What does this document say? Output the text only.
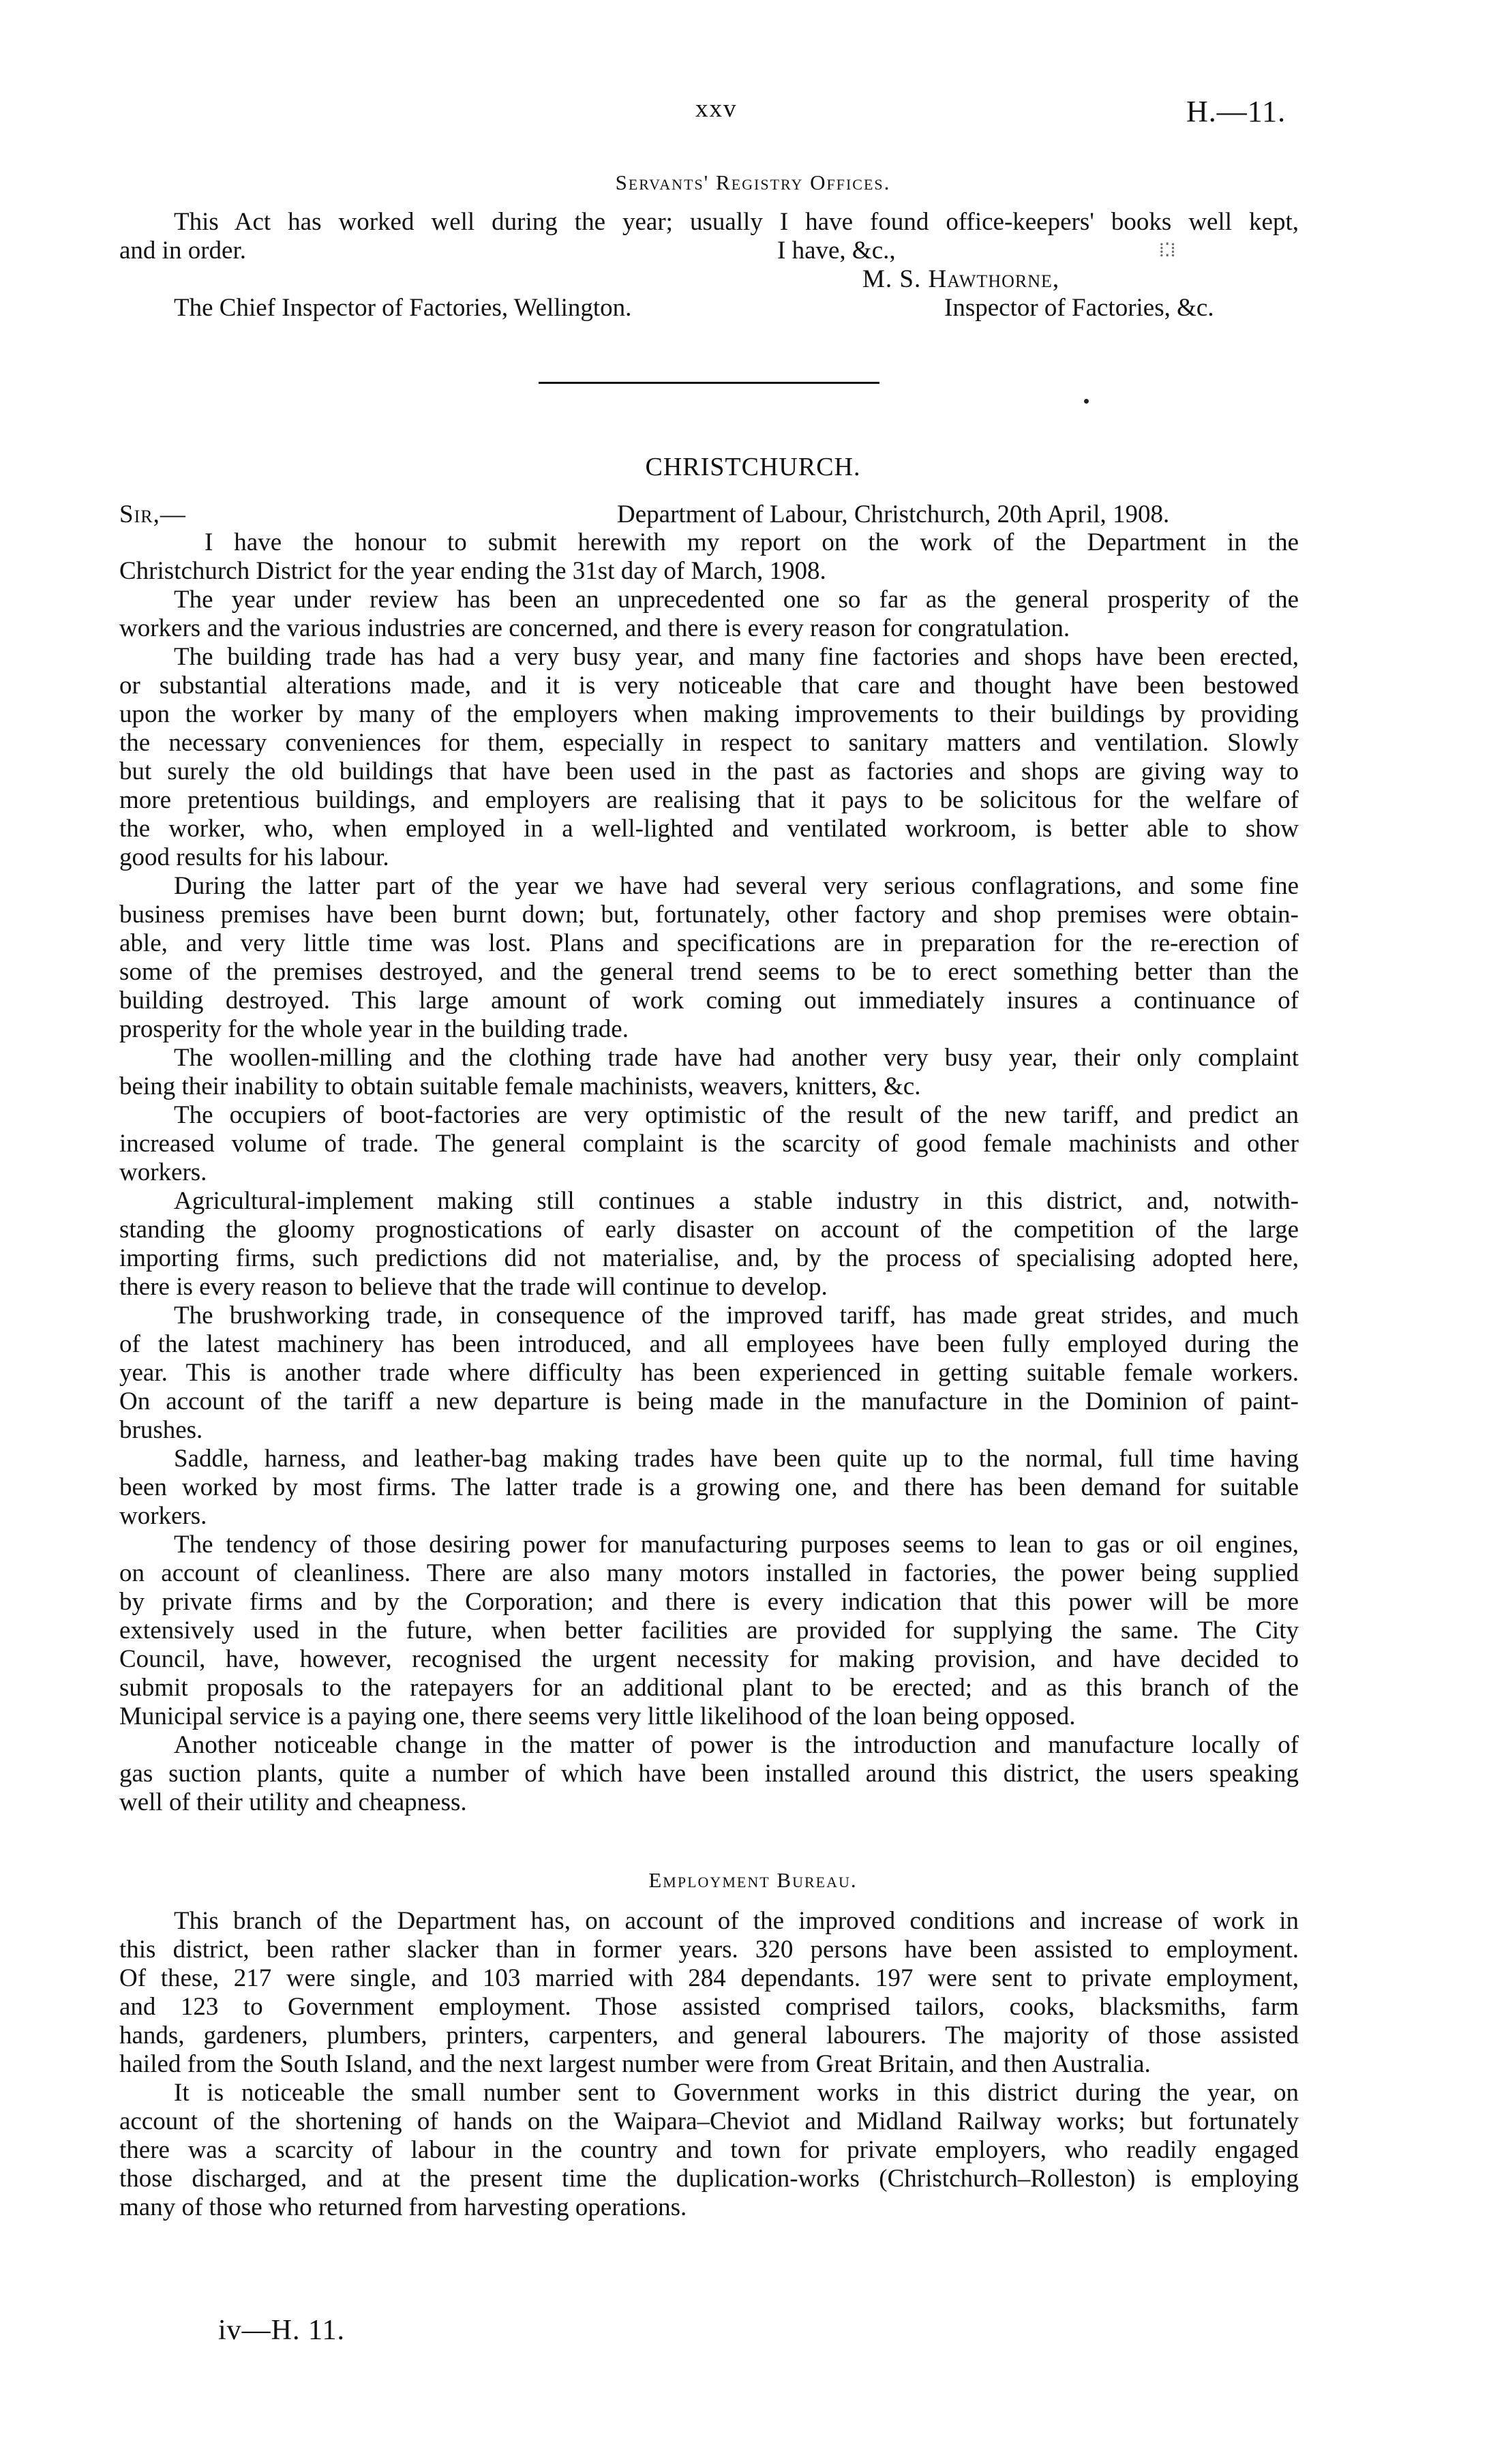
xxv	H.—11.
Servants' Registry Offices.
This Act has worked well during the year; usually I have found office-keepers' books well kept,
and in order.	I have, &c.,
M. S. Hawthorne,
The Chief Inspector of Factories, Wellington.	Inspector of Factories, &c.
⁞⁚⁞
CHRISTCHURCH.
Sir,—	Department of Labour, Christchurch, 20th April, 1908.
I have the honour to submit herewith my report on the work of the Department in the
Christchurch District for the year ending the 31st day of March, 1908.
The year under review has been an unprecedented one so far as the general prosperity of the
workers and the various industries are concerned, and there is every reason for congratulation.
The building trade has had a very busy year, and many fine factories and shops have been erected,
or substantial alterations made, and it is very noticeable that care and thought have been bestowed
upon the worker by many of the employers when making improvements to their buildings by providing
the necessary conveniences for them, especially in respect to sanitary matters and ventilation. Slowly
but surely the old buildings that have been used in the past as factories and shops are giving way to
more pretentious buildings, and employers are realising that it pays to be solicitous for the welfare of
the worker, who, when employed in a well-lighted and ventilated workroom, is better able to show
good results for his labour.
During the latter part of the year we have had several very serious conflagrations, and some fine
business premises have been burnt down; but, fortunately, other factory and shop premises were obtain-
able, and very little time was lost. Plans and specifications are in preparation for the re-erection of
some of the premises destroyed, and the general trend seems to be to erect something better than the
building destroyed. This large amount of work coming out immediately insures a continuance of
prosperity for the whole year in the building trade.
The woollen-milling and the clothing trade have had another very busy year, their only complaint
being their inability to obtain suitable female machinists, weavers, knitters, &c.
The occupiers of boot-factories are very optimistic of the result of the new tariff, and predict an
increased volume of trade. The general complaint is the scarcity of good female machinists and other
workers.
Agricultural-implement making still continues a stable industry in this district, and, notwith-
standing the gloomy prognostications of early disaster on account of the competition of the large
importing firms, such predictions did not materialise, and, by the process of specialising adopted here,
there is every reason to believe that the trade will continue to develop.
The brushworking trade, in consequence of the improved tariff, has made great strides, and much
of the latest machinery has been introduced, and all employees have been fully employed during the
year. This is another trade where difficulty has been experienced in getting suitable female workers.
On account of the tariff a new departure is being made in the manufacture in the Dominion of paint-
brushes.
Saddle, harness, and leather-bag making trades have been quite up to the normal, full time having
been worked by most firms. The latter trade is a growing one, and there has been demand for suitable
workers.
The tendency of those desiring power for manufacturing purposes seems to lean to gas or oil engines,
on account of cleanliness. There are also many motors installed in factories, the power being supplied
by private firms and by the Corporation; and there is every indication that this power will be more
extensively used in the future, when better facilities are provided for supplying the same. The City
Council, have, however, recognised the urgent necessity for making provision, and have decided to
submit proposals to the ratepayers for an additional plant to be erected; and as this branch of the
Municipal service is a paying one, there seems very little likelihood of the loan being opposed.
Another noticeable change in the matter of power is the introduction and manufacture locally of
gas suction plants, quite a number of which have been installed around this district, the users speaking
well of their utility and cheapness.
Employment Bureau.
This branch of the Department has, on account of the improved conditions and increase of work in
this district, been rather slacker than in former years. 320 persons have been assisted to employment.
Of these, 217 were single, and 103 married with 284 dependants. 197 were sent to private employment,
and 123 to Government employment. Those assisted comprised tailors, cooks, blacksmiths, farm
hands, gardeners, plumbers, printers, carpenters, and general labourers. The majority of those assisted
hailed from the South Island, and the next largest number were from Great Britain, and then Australia.
It is noticeable the small number sent to Government works in this district during the year, on
account of the shortening of hands on the Waipara–Cheviot and Midland Railway works; but fortunately
there was a scarcity of labour in the country and town for private employers, who readily engaged
those discharged, and at the present time the duplication-works (Christchurch–Rolleston) is employing
many of those who returned from harvesting operations.
iv—H. 11.
